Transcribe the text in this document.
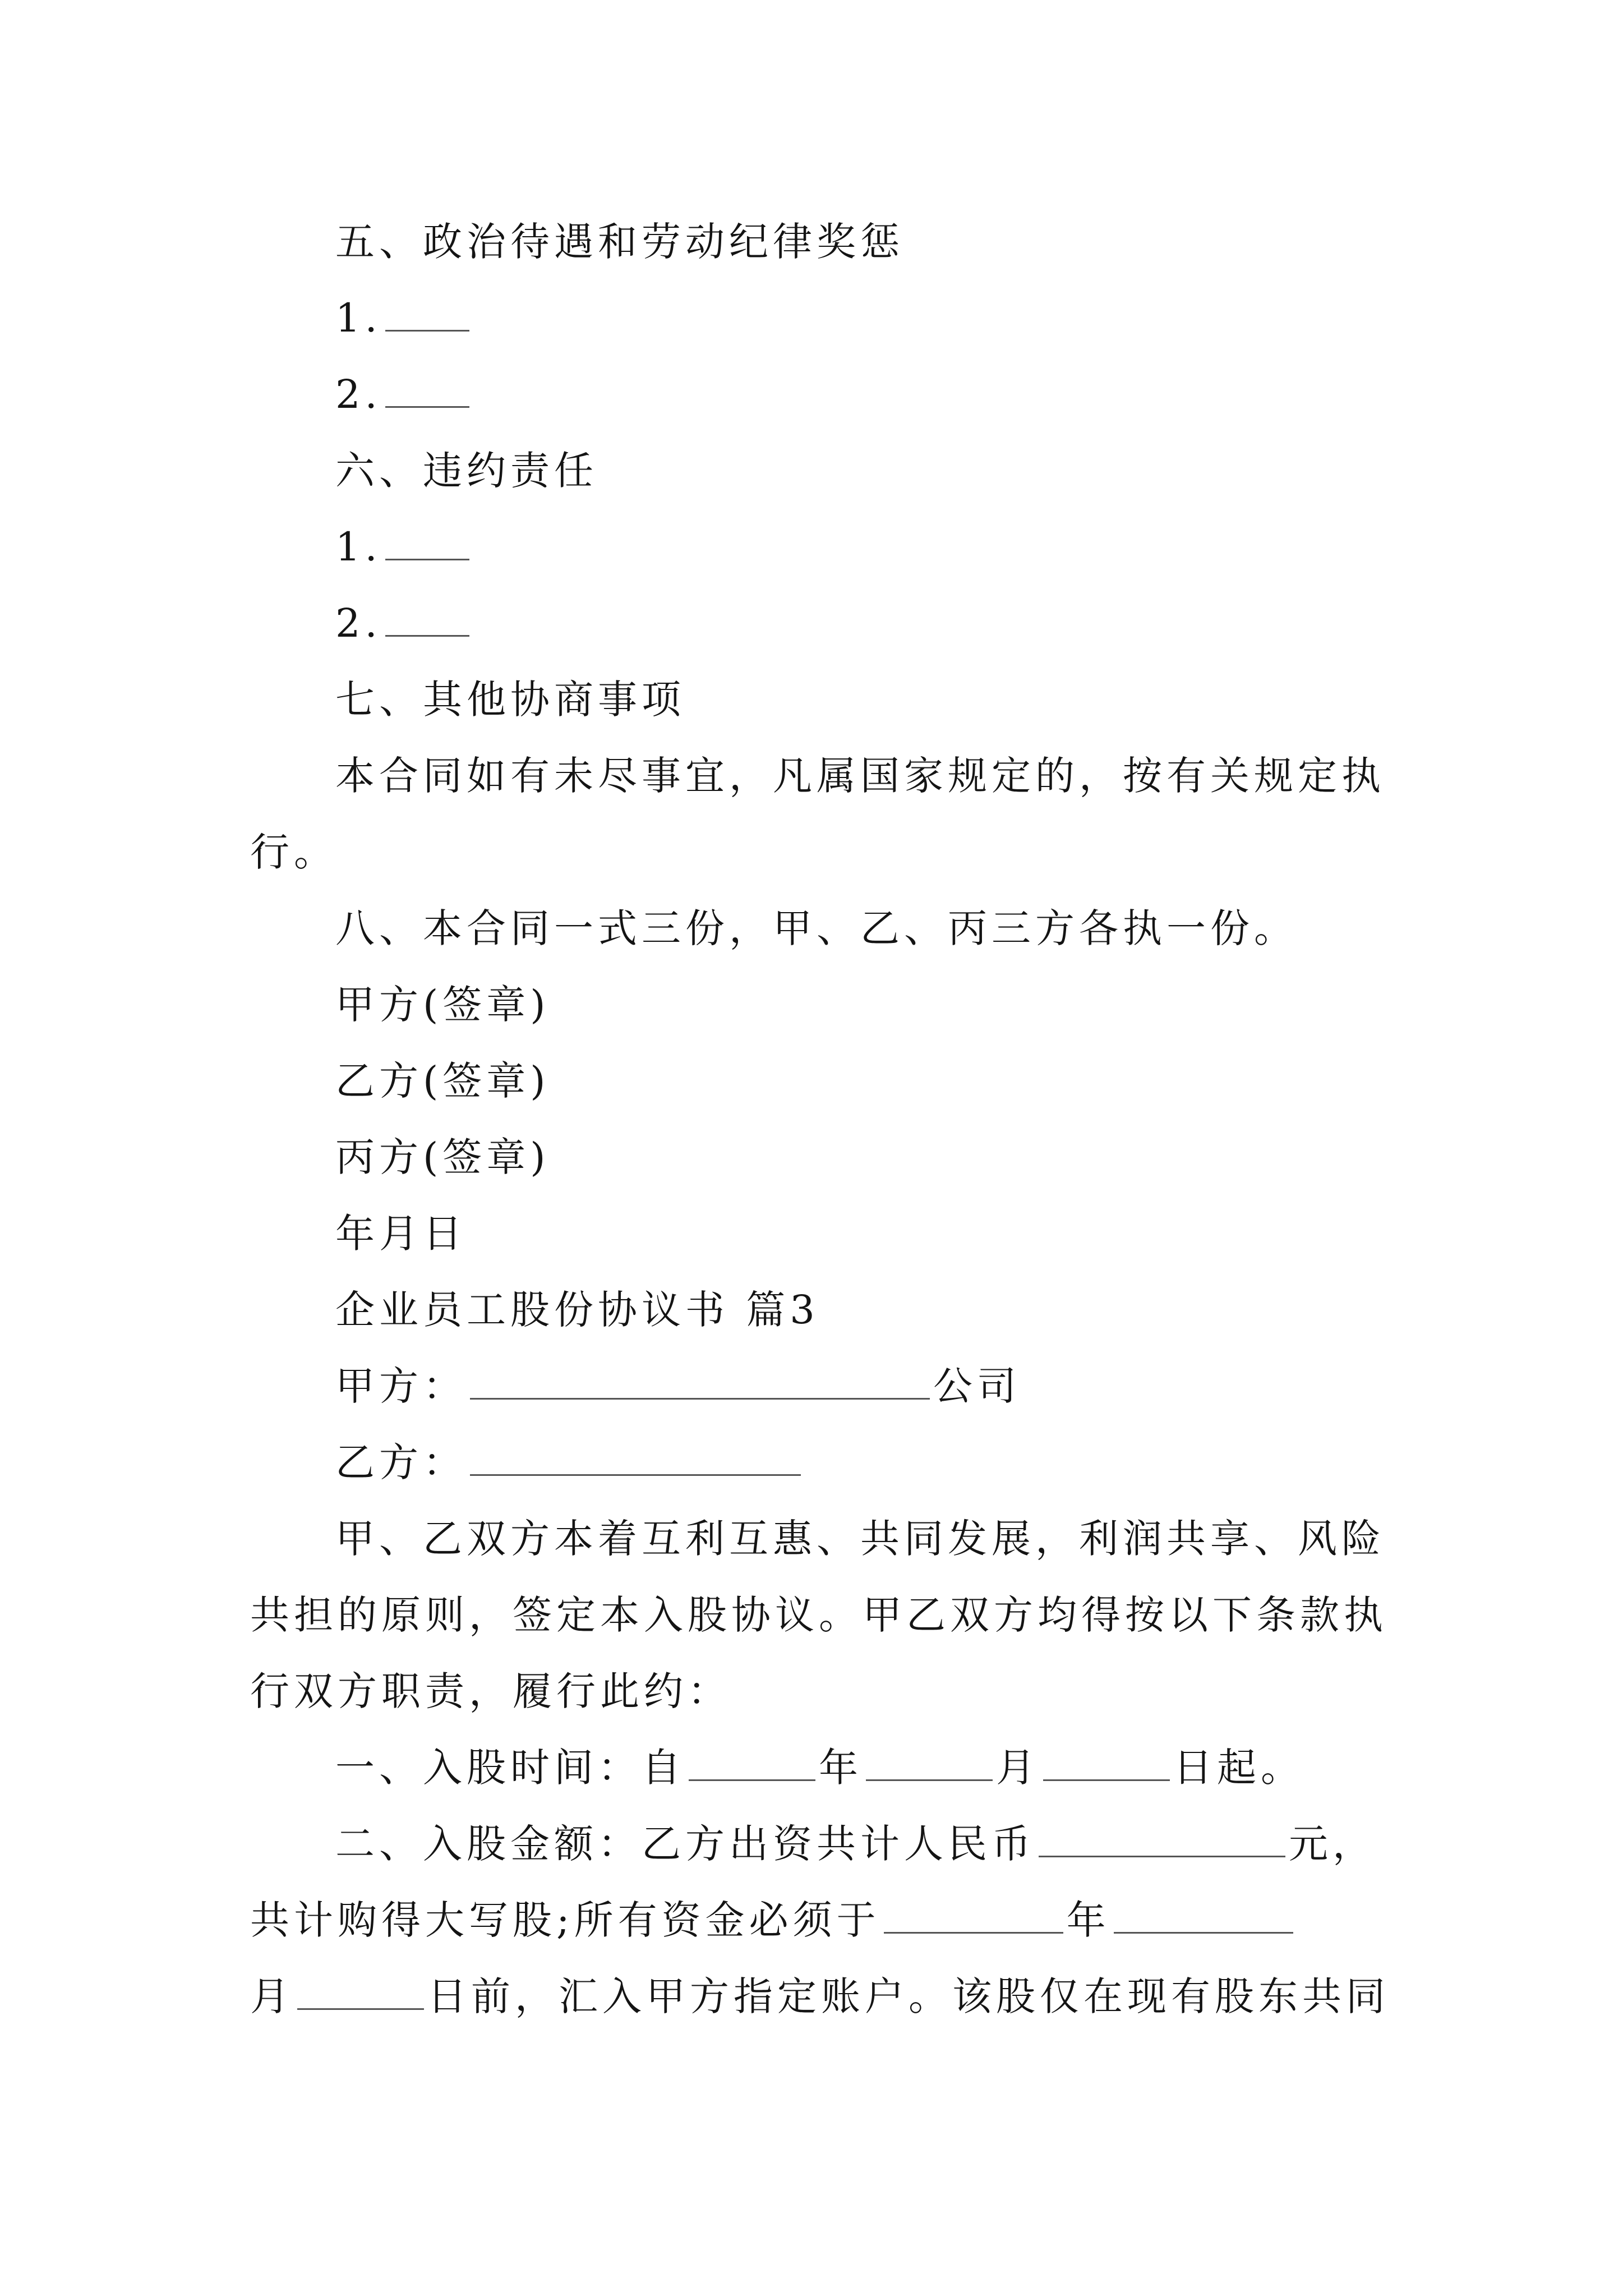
五、政治待遇和劳动纪律奖惩
1.
2.
六、违约责任
1.
2.
七、其他协商事项
本合同如有未尽事宜，凡属国家规定的，按有关规定执
行。
八、本合同一式三份，甲、乙、丙三方各执一份。
甲方(签章)
乙方(签章)
丙方(签章)
年月日
企业员工股份协议书 篇3
甲方：	公司
乙方：
甲、乙双方本着互利互惠、共同发展，利润共享、风险
共担的原则，签定本入股协议。甲乙双方均得按以下条款执
行双方职责，履行此约：
一、入股时间：自	年	月	日起。
二、入股金额：乙方出资共计人民币	元，
共计购得大写股;所有资金必须于	年
月	日前，汇入甲方指定账户。该股仅在现有股东共同
